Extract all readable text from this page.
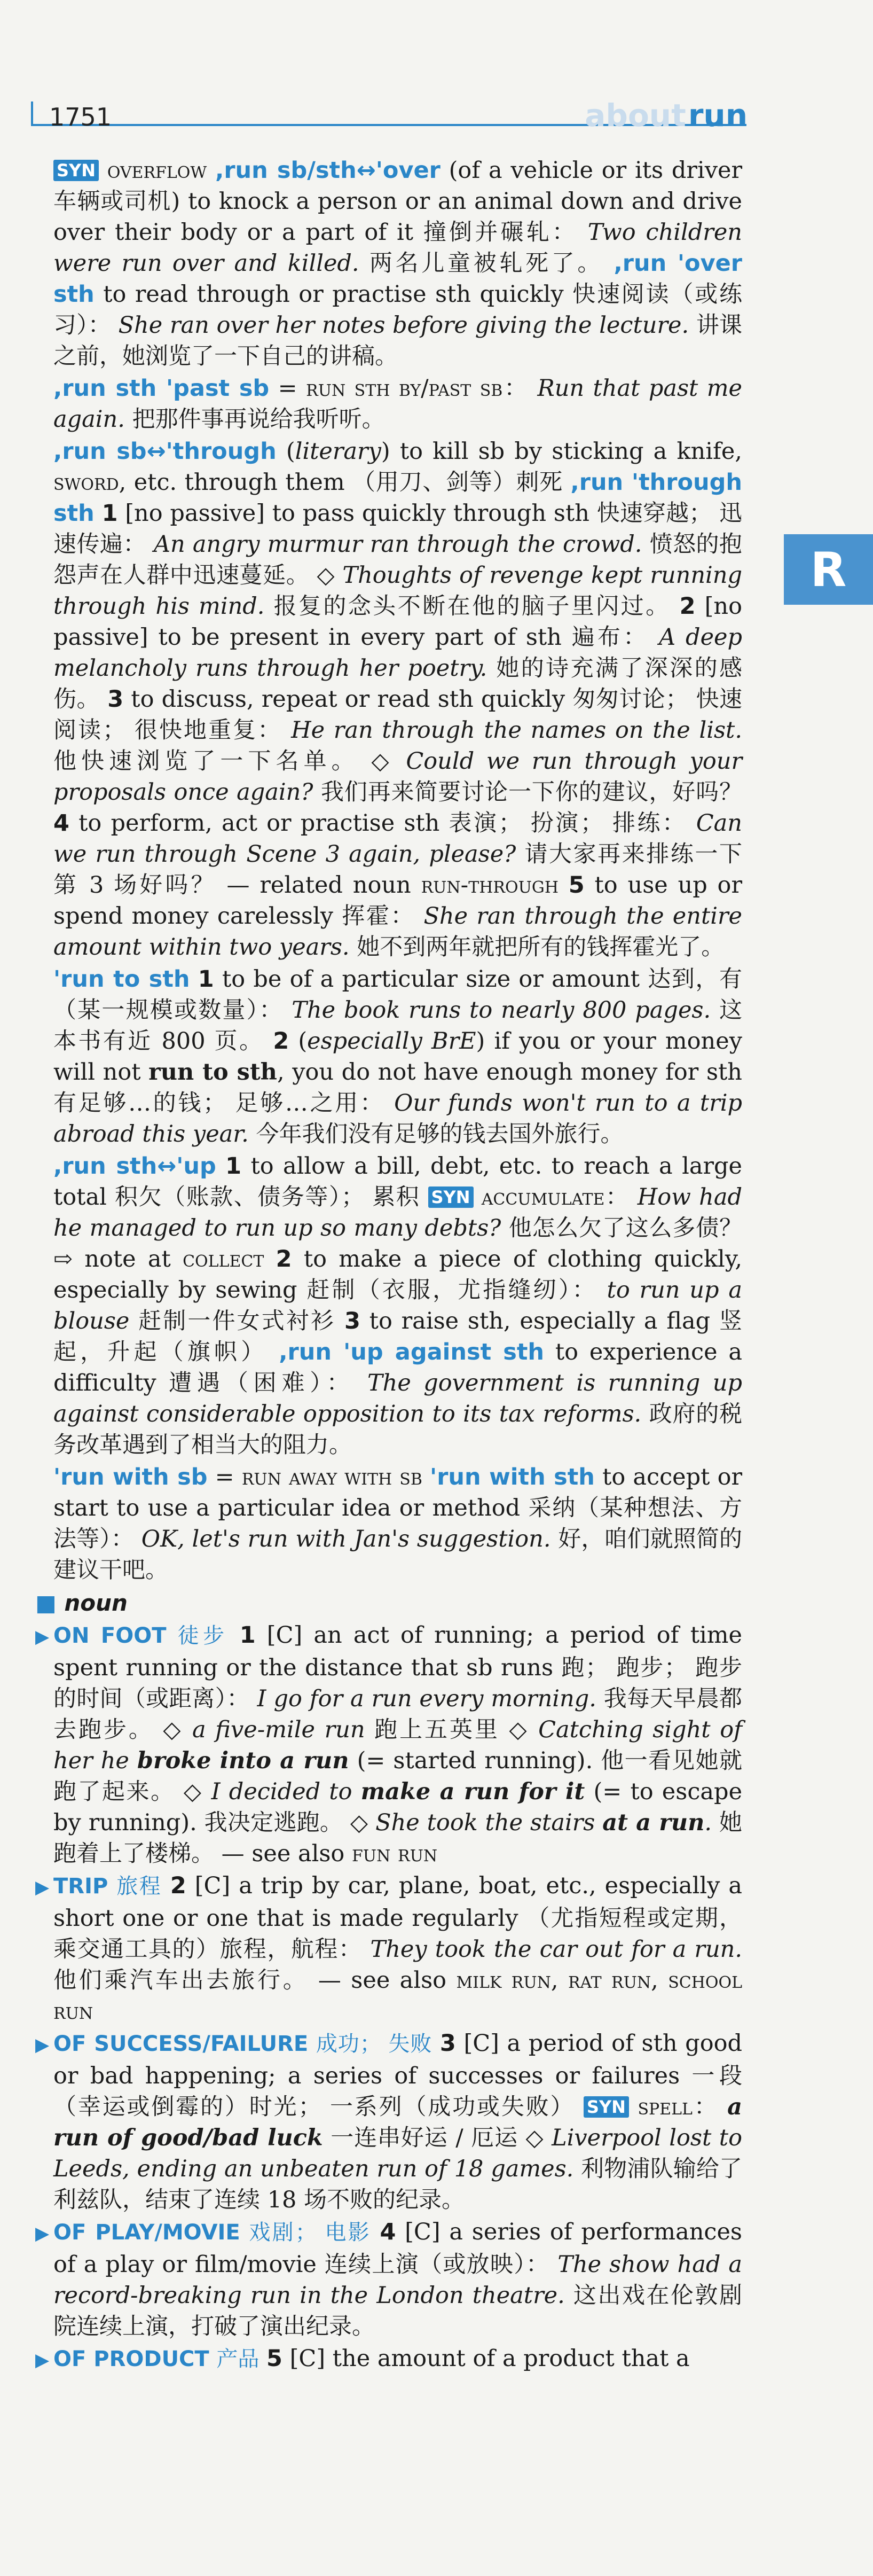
1751	aboutrun
R

SYN overflow ,run sb/sth↔'over (of a vehicle or its driver 车辆或司机) to knock a person or an animal down and drive over their body or a part of it 撞倒并碾轧： Two children were run over and killed. 两名儿童被轧死了。 ,run 'over sth to read through or practise sth quickly 快速阅读（或练习）： She ran over her notes before giving the lecture. 讲课之前，她浏览了一下自己的讲稿。

,run sth 'past sb = run sth by/past sb： Run that past me again. 把那件事再说给我听听。

,run sb↔'through (literary) to kill sb by sticking a knife, sword, etc. through them （用刀、剑等）刺死 ,run 'through sth 1 [no passive] to pass quickly through sth 快速穿越； 迅速传遍： An angry murmur ran through the crowd. 愤怒的抱怨声在人群中迅速蔓延。 ◇ Thoughts of revenge kept running through his mind. 报复的念头不断在他的脑子里闪过。 2 [no passive] to be present in every part of sth 遍布： A deep melancholy runs through her poetry. 她的诗充满了深深的感伤。 3 to discuss, repeat or read sth quickly 匆匆讨论； 快速阅读； 很快地重复： He ran through the names on the list. 他快速浏览了一下名单。 ◇ Could we run through your proposals once again? 我们再来简要讨论一下你的建议，好吗？ 4 to perform, act or practise sth 表演； 扮演； 排练： Can we run through Scene 3 again, please? 请大家再来排练一下第 3 场好吗？ — related noun run-through 5 to use up or spend money carelessly 挥霍： She ran through the entire amount within two years. 她不到两年就把所有的钱挥霍光了。

'run to sth 1 to be of a particular size or amount 达到，有（某一规模或数量）： The book runs to nearly 800 pages. 这本书有近 800 页。 2 (especially BrE) if you or your money will not run to sth, you do not have enough money for sth 有足够…的钱； 足够…之用： Our funds won't run to a trip abroad this year. 今年我们没有足够的钱去国外旅行。

,run sth↔'up 1 to allow a bill, debt, etc. to reach a large total 积欠（账款、债务等）； 累积 SYN accumulate： How had he managed to run up so many debts? 他怎么欠了这么多债？ ⇨ note at collect 2 to make a piece of clothing quickly, especially by sewing 赶制（衣服，尤指缝纫）： to run up a blouse 赶制一件女式衬衫 3 to raise sth, especially a flag 竖起，升起（旗帜） ,run 'up against sth to experience a difficulty 遭遇（困难）： The government is running up against considerable opposition to its tax reforms. 政府的税务改革遇到了相当大的阻力。

'run with sb = run away with sb 'run with sth to accept or start to use a particular idea or method 采纳（某种想法、方法等）： OK, let's run with Jan's suggestion. 好，咱们就照简的建议干吧。

■ noun

▶ ON FOOT 徒步 1 [C] an act of running; a period of time spent running or the distance that sb runs 跑； 跑步； 跑步的时间（或距离）： I go for a run every morning. 我每天早晨都去跑步。 ◇ a five-mile run 跑上五英里 ◇ Catching sight of her he broke into a run (= started running). 他一看见她就跑了起来。 ◇ I decided to make a run for it (= to escape by running). 我决定逃跑。 ◇ She took the stairs at a run. 她跑着上了楼梯。 — see also fun run

▶ TRIP 旅程 2 [C] a trip by car, plane, boat, etc., especially a short one or one that is made regularly （尤指短程或定期，乘交通工具的）旅程，航程： They took the car out for a run. 他们乘汽车出去旅行。 — see also milk run, rat run, school run

▶ OF SUCCESS/FAILURE 成功； 失败 3 [C] a period of sth good or bad happening; a series of successes or failures 一段（幸运或倒霉的）时光； 一系列（成功或失败） SYN spell： a run of good/bad luck 一连串好运 / 厄运 ◇ Liverpool lost to Leeds, ending an unbeaten run of 18 games. 利物浦队输给了利兹队，结束了连续 18 场不败的纪录。

▶ OF PLAY/MOVIE 戏剧； 电影 4 [C] a series of performances of a play or film/movie 连续上演（或放映）： The show had a record-breaking run in the London theatre. 这出戏在伦敦剧院连续上演，打破了演出纪录。

▶ OF PRODUCT 产品 5 [C] the amount of a product that a
